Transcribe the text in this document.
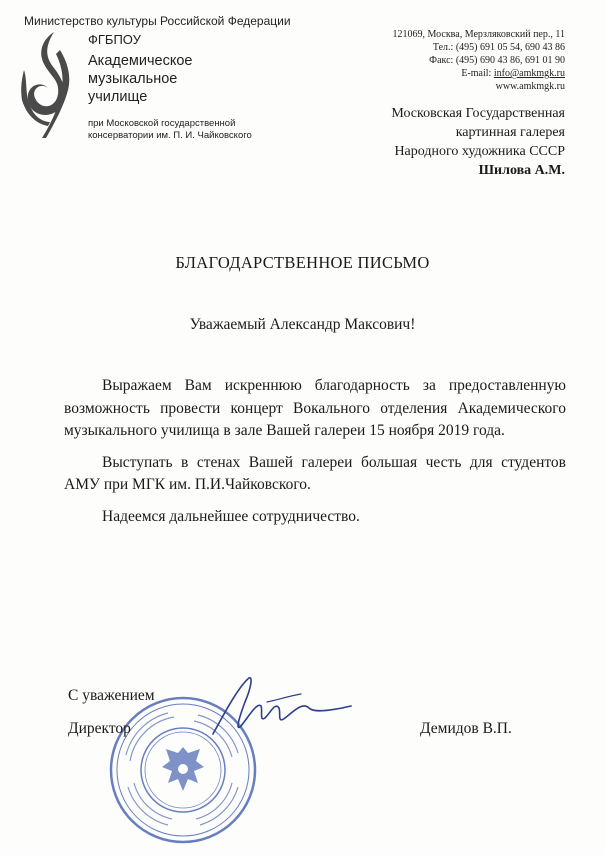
Министерство культуры Российской Федерации
ФГБПОУ
Академическое
музыкальное
училище
при Московской государственной
консерватории им. П. И. Чайковского
121069, Москва, Мерзляковский пер., 11
Тел.: (495) 691 05 54, 690 43 86
Факс: (495) 690 43 86, 691 01 90
E-mail: info@amkmgk.ru
www.amkmgk.ru
Московская Государственная
картинная галерея
Народного художника СССР
Шилова А.М.
БЛАГОДАРСТВЕННОЕ ПИСЬМО
Уважаемый Александр Максович!

Выражаем Вам искреннюю благодарность за предоставленную возможность провести концерт Вокального отделения Академического музыкального училища в зале Вашей галереи 15 ноября 2019 года.

Выступать в стенах Вашей галереи большая честь для студентов АМУ при МГК им. П.И.Чайковского.

Надеемся дальнейшее сотрудничество.

С уважением
Директор	Демидов В.П.
